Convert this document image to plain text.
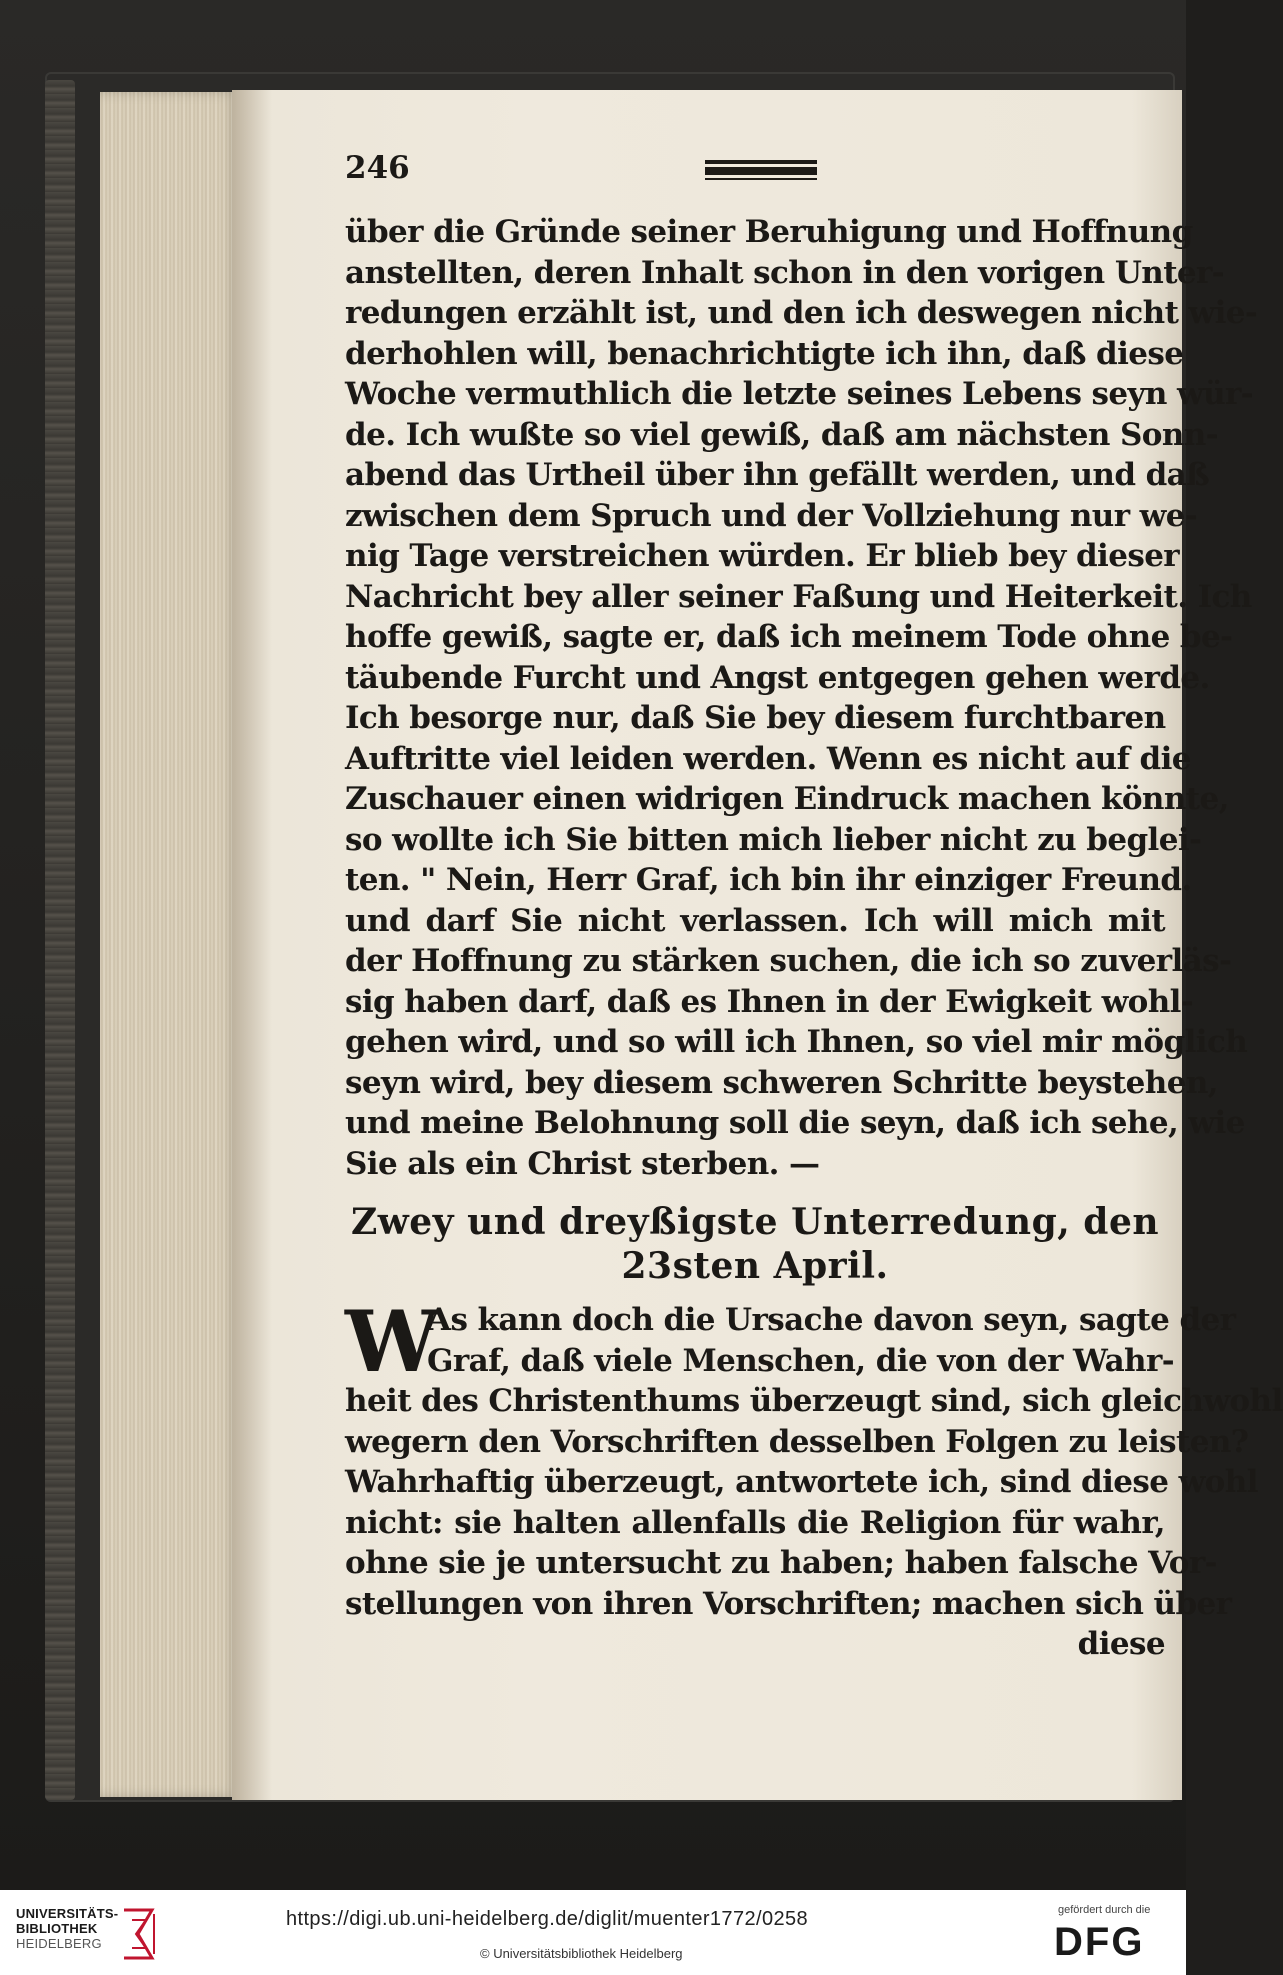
246
über die Gründe seiner Beruhigung und Hoffnung
anstellten, deren Inhalt schon in den vorigen Unter-
redungen erzählt ist, und den ich deswegen nicht wie-
derhohlen will, benachrichtigte ich ihn, daß diese
Woche vermuthlich die letzte seines Lebens seyn wür-
de. Ich wußte so viel gewiß, daß am nächsten Sonn-
abend das Urtheil über ihn gefällt werden, und daß
zwischen dem Spruch und der Vollziehung nur we-
nig Tage verstreichen würden. Er blieb bey dieser
Nachricht bey aller seiner Faßung und Heiterkeit. Ich
hoffe gewiß, sagte er, daß ich meinem Tode ohne be-
täubende Furcht und Angst entgegen gehen werde.
Ich besorge nur, daß Sie bey diesem furchtbaren
Auftritte viel leiden werden. Wenn es nicht auf die
Zuschauer einen widrigen Eindruck machen könnte,
so wollte ich Sie bitten mich lieber nicht zu beglei-
ten. " Nein, Herr Graf, ich bin ihr einziger Freund.
und darf Sie nicht verlassen. Ich will mich mit
der Hoffnung zu stärken suchen, die ich so zuverläs-
sig haben darf, daß es Ihnen in der Ewigkeit wohl-
gehen wird, und so will ich Ihnen, so viel mir möglich
seyn wird, bey diesem schweren Schritte beystehen,
und meine Belohnung soll die seyn, daß ich sehe, wie
Sie als ein Christ sterben. —
Zwey und dreyßigste Unterredung, den
23sten April.
W
As kann doch die Ursache davon seyn, sagte der
Graf, daß viele Menschen, die von der Wahr-
heit des Christenthums überzeugt sind, sich gleichwohl
wegern den Vorschriften desselben Folgen zu leisten?
Wahrhaftig überzeugt, antwortete ich, sind diese wohl
nicht: sie halten allenfalls die Religion für wahr,
ohne sie je untersucht zu haben; haben falsche Vor-
stellungen von ihren Vorschriften; machen sich über
diese
UNIVERSITÄTS-
BIBLIOTHEK
HEIDELBERG
https://digi.ub.uni-heidelberg.de/diglit/muenter1772/0258
© Universitätsbibliothek Heidelberg
gefördert durch die
DFG
